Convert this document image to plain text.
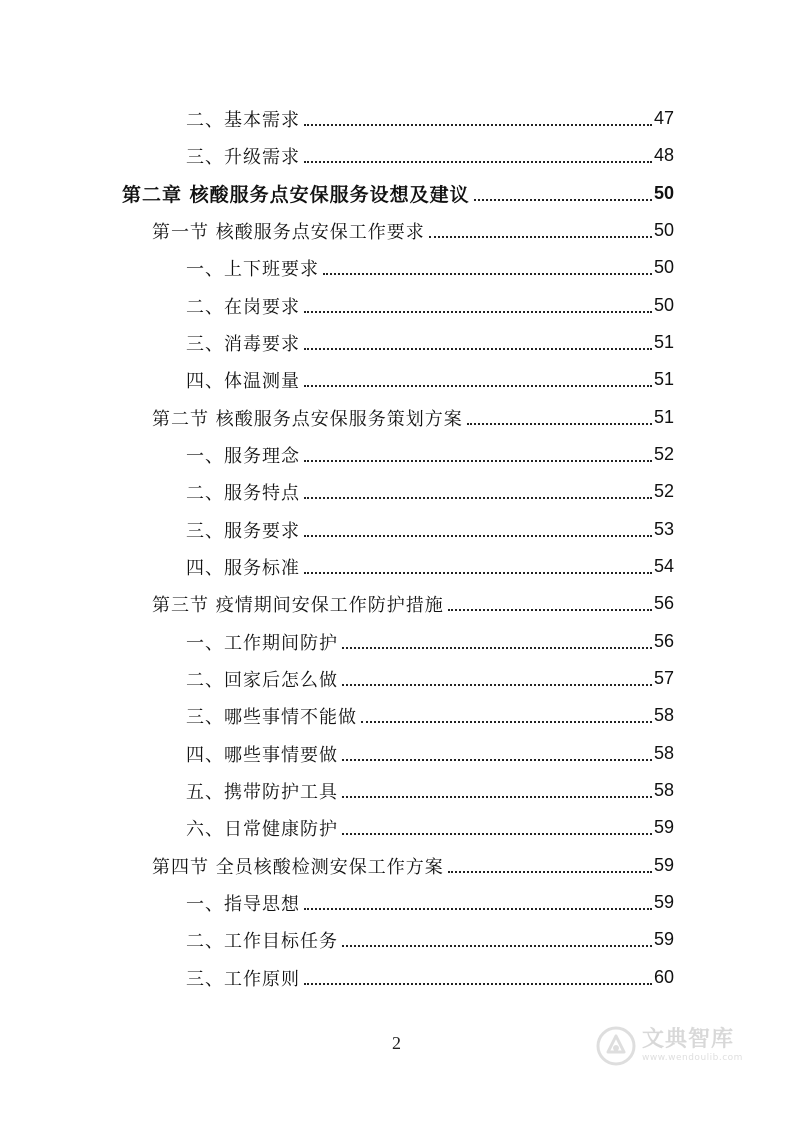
二、基本需求	47
三、升级需求	48
第二章 核酸服务点安保服务设想及建议	50
第一节 核酸服务点安保工作要求	50
一、上下班要求	50
二、在岗要求	50
三、消毒要求	51
四、体温测量	51
第二节 核酸服务点安保服务策划方案	51
一、服务理念	52
二、服务特点	52
三、服务要求	53
四、服务标准	54
第三节 疫情期间安保工作防护措施	56
一、工作期间防护	56
二、回家后怎么做	57
三、哪些事情不能做	58
四、哪些事情要做	58
五、携带防护工具	58
六、日常健康防护	59
第四节 全员核酸检测安保工作方案	59
一、指导思想	59
二、工作目标任务	59
三、工作原则	60
2	文典智库
www.wendoulib.com
